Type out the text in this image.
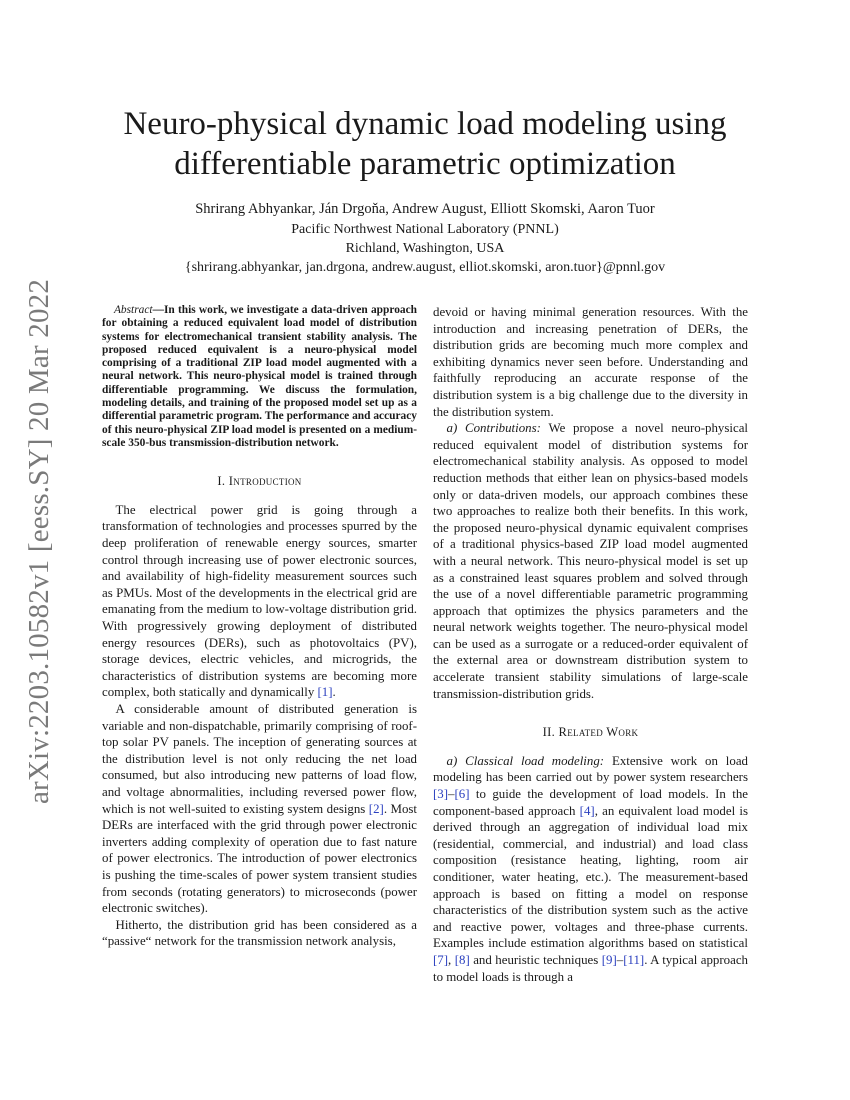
arXiv:2203.10582v1 [eess.SY] 20 Mar 2022
Neuro-physical dynamic load modeling using differentiable parametric optimization
Shrirang Abhyankar, Ján Drgoňa, Andrew August, Elliott Skomski, Aaron Tuor
Pacific Northwest National Laboratory (PNNL)
Richland, Washington, USA
{shrirang.abhyankar, jan.drgona, andrew.august, elliot.skomski, aron.tuor}@pnnl.gov

Abstract—In this work, we investigate a data-driven approach for obtaining a reduced equivalent load model of distribution systems for electromechanical transient stability analysis. The proposed reduced equivalent is a neuro-physical model comprising of a traditional ZIP load model augmented with a neural network. This neuro-physical model is trained through differentiable programming. We discuss the formulation, modeling details, and training of the proposed model set up as a differential parametric program. The performance and accuracy of this neuro-physical ZIP load model is presented on a medium-scale 350-bus transmission-distribution network.

I. Introduction

The electrical power grid is going through a transformation of technologies and processes spurred by the deep proliferation of renewable energy sources, smarter control through increasing use of power electronic sources, and availability of high-fidelity measurement sources such as PMUs. Most of the developments in the electrical grid are emanating from the medium to low-voltage distribution grid. With progressively growing deployment of distributed energy resources (DERs), such as photovoltaics (PV), storage devices, electric vehicles, and microgrids, the characteristics of distribution systems are becoming more complex, both statically and dynamically [1].

A considerable amount of distributed generation is variable and non-dispatchable, primarily comprising of roof-top solar PV panels. The inception of generating sources at the distribution level is not only reducing the net load consumed, but also introducing new patterns of load flow, and voltage abnormalities, including reversed power flow, which is not well-suited to existing system designs [2]. Most DERs are interfaced with the grid through power electronic inverters adding complexity of operation due to fast nature of power electronics. The introduction of power electronics is pushing the time-scales of power system transient studies from seconds (rotating generators) to microseconds (power electronic switches).

Hitherto, the distribution grid has been considered as a “passive“ network for the transmission network analysis,

devoid or having minimal generation resources. With the introduction and increasing penetration of DERs, the distribution grids are becoming much more complex and exhibiting dynamics never seen before. Understanding and faithfully reproducing an accurate response of the distribution system is a big challenge due to the diversity in the distribution system.

a) Contributions: We propose a novel neuro-physical reduced equivalent model of distribution systems for electromechanical stability analysis. As opposed to model reduction methods that either lean on physics-based models only or data-driven models, our approach combines these two approaches to realize both their benefits. In this work, the proposed neuro-physical dynamic equivalent comprises of a traditional physics-based ZIP load model augmented with a neural network. This neuro-physical model is set up as a constrained least squares problem and solved through the use of a novel differentiable parametric programming approach that optimizes the physics parameters and the neural network weights together. The neuro-physical model can be used as a surrogate or a reduced-order equivalent of the external area or downstream distribution system to accelerate transient stability simulations of large-scale transmission-distribution grids.

II. Related Work

a) Classical load modeling: Extensive work on load modeling has been carried out by power system researchers [3]–[6] to guide the development of load models. In the component-based approach [4], an equivalent load model is derived through an aggregation of individual load mix (residential, commercial, and industrial) and load class composition (resistance heating, lighting, room air conditioner, water heating, etc.). The measurement-based approach is based on fitting a model on response characteristics of the distribution system such as the active and reactive power, voltages and three-phase currents. Examples include estimation algorithms based on statistical [7], [8] and heuristic techniques [9]–[11]. A typical approach to model loads is through a
